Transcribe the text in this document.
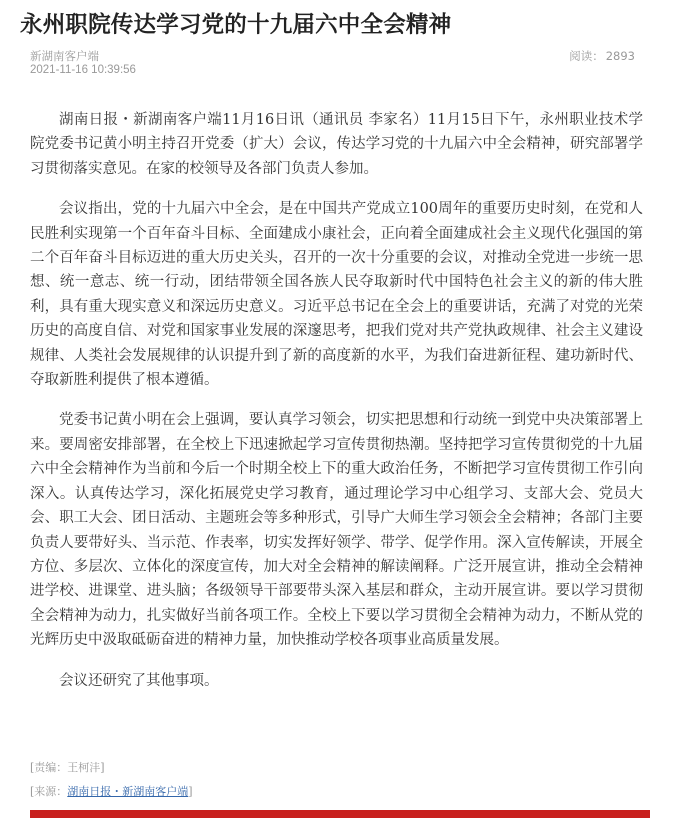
永州职院传达学习党的十九届六中全会精神
新湖南客户端
2021-11-16 10:39:56
阅读： 2893

湖南日报・新湖南客户端11月16日讯（通讯员 李家名）11月15日下午，永州职业技术学院党委书记黄小明主持召开党委（扩大）会议，传达学习党的十九届六中全会精神，研究部署学习贯彻落实意见。在家的校领导及各部门负责人参加。

会议指出，党的十九届六中全会，是在中国共产党成立100周年的重要历史时刻，在党和人民胜利实现第一个百年奋斗目标、全面建成小康社会，正向着全面建成社会主义现代化强国的第二个百年奋斗目标迈进的重大历史关头，召开的一次十分重要的会议，对推动全党进一步统一思想、统一意志、统一行动，团结带领全国各族人民夺取新时代中国特色社会主义的新的伟大胜利，具有重大现实意义和深远历史意义。习近平总书记在全会上的重要讲话，充满了对党的光荣历史的高度自信、对党和国家事业发展的深邃思考，把我们党对共产党执政规律、社会主义建设规律、人类社会发展规律的认识提升到了新的高度新的水平，为我们奋进新征程、建功新时代、夺取新胜利提供了根本遵循。

党委书记黄小明在会上强调，要认真学习领会，切实把思想和行动统一到党中央决策部署上来。要周密安排部署，在全校上下迅速掀起学习宣传贯彻热潮。坚持把学习宣传贯彻党的十九届六中全会精神作为当前和今后一个时期全校上下的重大政治任务，不断把学习宣传贯彻工作引向深入。认真传达学习，深化拓展党史学习教育，通过理论学习中心组学习、支部大会、党员大会、职工大会、团日活动、主题班会等多种形式，引导广大师生学习领会全会精神；各部门主要负责人要带好头、当示范、作表率，切实发挥好领学、带学、促学作用。深入宣传解读，开展全方位、多层次、立体化的深度宣传，加大对全会精神的解读阐释。广泛开展宣讲，推动全会精神进学校、进课堂、进头脑；各级领导干部要带头深入基层和群众，主动开展宣讲。要以学习贯彻全会精神为动力，扎实做好当前各项工作。全校上下要以学习贯彻全会精神为动力，不断从党的光辉历史中汲取砥砺奋进的精神力量，加快推动学校各项事业高质量发展。

会议还研究了其他事项。

[责编：王柯沣]
[来源：湖南日报・新湖南客户端]
